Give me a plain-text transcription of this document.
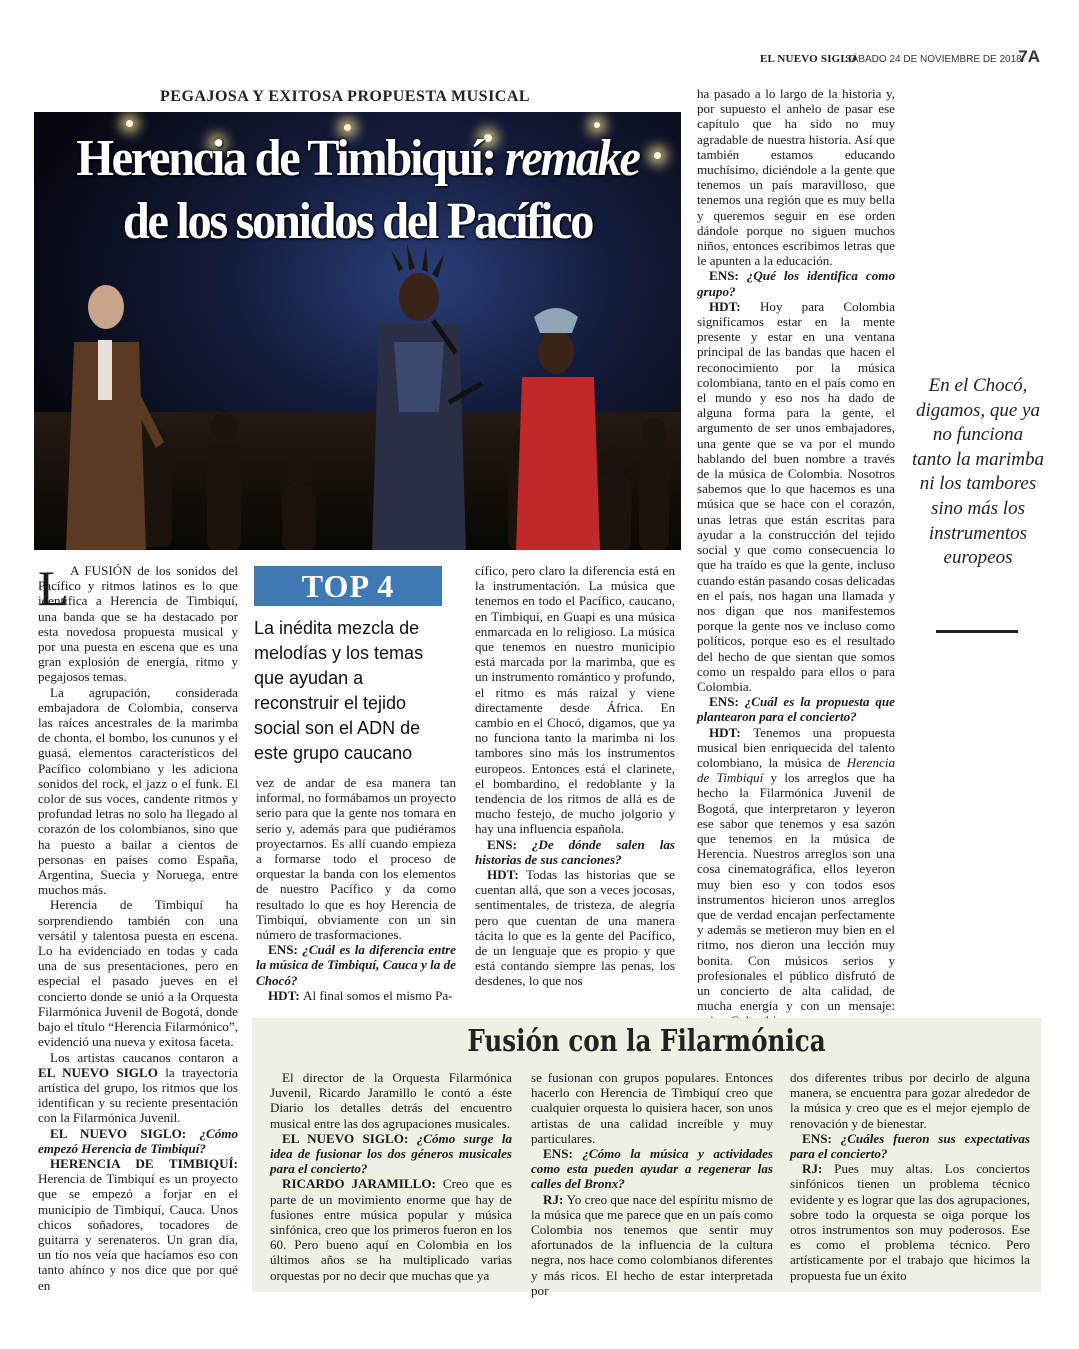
EL NUEVO SIGLO
SÁBADO 24 DE NOVIEMBRE DE 2018
7A
PEGAJOSA Y EXITOSA PROPUESTA MUSICAL
Herencia de Timbiquí: remake
de los sonidos del Pacífico
L A FUSIÓN de los sonidos del Pacífico y ritmos latinos es lo que identifica a Herencia de Timbiquí, una banda que se ha destacado por esta novedosa propuesta musical y por una puesta en escena que es una gran explosión de energía, ritmo y pegajosos temas.

La agrupación, considerada embajadora de Colombia, conserva las raíces ancestrales de la marimba de chonta, el bombo, los cununos y el guasá, elementos característicos del Pacífico colombiano y les adiciona sonidos del rock, el jazz o el funk. El color de sus voces, candente ritmos y profundad letras no solo ha llegado al corazón de los colombianos, sino que ha puesto a bailar a cientos de personas en países como España, Argentina, Suecia y Noruega, entre muchos más.

Herencia de Timbiquí ha sorprendiendo también con una versátil y talentosa puesta en escena. Lo ha evidenciado en todas y cada una de sus presentaciones, pero en especial el pasado jueves en el concierto donde se unió a la Orquesta Filarmónica Juvenil de Bogotá, donde bajo el título “Herencia Filarmónico”, evidenció una nueva y exitosa faceta.

Los artistas caucanos contaron a EL NUEVO SIGLO la trayectoria artística del grupo, los ritmos que los identifican y su reciente presentación con la Filarmónica Juvenil.

EL NUEVO SIGLO: ¿Cómo empezó Herencia de Timbiquí?

HERENCIA DE TIMBIQUÍ: Herencia de Timbiquí es un proyecto que se empezó a forjar en el municipio de Timbiquí, Cauca. Unos chicos soñadores, tocadores de guitarra y serenateros. Un gran día, un tío nos veía que hacíamos eso con tanto ahínco y nos dice que por qué en

TOP 4
La inédita mezcla de melodías y los temas que ayudan a reconstruir el tejido social son el ADN de este grupo caucano

vez de andar de esa manera tan informal, no formábamos un proyecto serio para que la gente nos tomara en serio y, además para que pudiéramos proyectarnos. Es allí cuando empieza a formarse todo el proceso de orquestar la banda con los elementos de nuestro Pacífico y da como resultado lo que es hoy Herencia de Timbiquí, obviamente con un sin número de trasformaciones.

ENS: ¿Cuál es la diferencia entre la música de Timbiquí, Cauca y la de Chocó?

HDT: Al final somos el mismo Pa-

cífico, pero claro la diferencia está en la instrumentación. La música que tenemos en todo el Pacífico, caucano, en Timbiquí, en Guapi es una música enmarcada en lo religioso. La música que tenemos en nuestro municipio está marcada por la marimba, que es un instrumento romántico y profundo, el ritmo es más raizal y viene directamente desde África. En cambio en el Chocó, digamos, que ya no funciona tanto la marimba ni los tambores sino más los instrumentos europeos. Entonces está el clarinete, el bombardino, el redoblante y la tendencia de los ritmos de allá es de mucho festejo, de mucho jolgorio y hay una influencia española.

ENS: ¿De dónde salen las historias de sus canciones?

HDT: Todas las historias que se cuentan allá, que son a veces jocosas, sentimentales, de tristeza, de alegría pero que cuentan de una manera tácita lo que es la gente del Pacífico, de un lenguaje que es propio y que está contando siempre las penas, los desdenes, lo que nos

ha pasado a lo largo de la historia y, por supuesto el anhelo de pasar ese capítulo que ha sido no muy agradable de nuestra historia. Así que también estamos educando muchísimo, diciéndole a la gente que tenemos un país maravilloso, que tenemos una región que es muy bella y queremos seguir en ese orden dándole porque no siguen muchos niños, entonces escribimos letras que le apunten a la educación.

ENS: ¿Qué los identifica como grupo?

HDT: Hoy para Colombia significamos estar en la mente presente y estar en una ventana principal de las bandas que hacen el reconocimiento por la música colombiana, tanto en el país como en el mundo y eso nos ha dado de alguna forma para la gente, el argumento de ser unos embajadores, una gente que se va por el mundo hablando del buen nombre a través de la música de Colombia. Nosotros sabemos que lo que hacemos es una música que se hace con el corazón, unas letras que están escritas para ayudar a la construcción del tejido social y que como consecuencia lo que ha traído es que la gente, incluso cuando están pasando cosas delicadas en el país, nos hagan una llamada y nos digan que nos manifestemos porque la gente nos ve incluso como políticos, porque eso es el resultado del hecho de que sientan que somos como un respaldo para ellos o para Colombia.

ENS: ¿Cuál es la propuesta que plantearon para el concierto?

HDT: Tenemos una propuesta musical bien enriquecida del talento colombiano, la música de Herencia de Timbiquí y los arreglos que ha hecho la Filarmónica Juvenil de Bogotá, que interpretaron y leyeron ese sabor que tenemos y esa sazón que tenemos en la música de Herencia. Nuestros arreglos son una cosa cinematográfica, ellos leyeron muy bien eso y con todos esos instrumentos hicieron unos arreglos que de verdad encajan perfectamente y además se metieron muy bien en el ritmo, nos dieron una lección muy bonita. Con músicos serios y profesionales el público disfrutó de un concierto de alta calidad, de mucha energía y con un mensaje:

En el Chocó, digamos, que ya no funciona tanto la marimba ni los tambores sino más los instrumentos europeos
Fusión con la Filarmónica

El director de la Orquesta Filarmónica Juvenil, Ricardo Jaramillo le contó a éste Diario los detalles detrás del encuentro musical entre las dos agrupaciones musicales.

EL NUEVO SIGLO: ¿Cómo surge la idea de fusionar los dos géneros musicales para el concierto?

RICARDO JARAMILLO: Creo que es parte de un movimiento enorme que hay de fusiones entre música popular y música sinfónica, creo que los primeros fueron en los 60. Pero bueno aquí en Colombia en los últimos años se ha multiplicado varias orquestas por no decir que muchas que ya

se fusionan con grupos populares. Entonces hacerlo con Herencia de Timbiquí creo que cualquier orquesta lo quisiera hacer, son unos artistas de una calidad increíble y muy particulares.

ENS: ¿Cómo la música y actividades como esta pueden ayudar a regenerar las calles del Bronx?

RJ: Yo creo que nace del espíritu mismo de la música que me parece que en un país como Colombia nos tenemos que sentir muy afortunados de la influencia de la cultura negra, nos hace como colombianos diferentes y más ricos. El hecho de estar interpretada por

dos diferentes tribus por decirlo de alguna manera, se encuentra para gozar alrededor de la música y creo que es el mejor ejemplo de renovación y de bienestar.

ENS: ¿Cuáles fueron sus expectativas para el concierto?

RJ: Pues muy altas. Los conciertos sinfónicos tienen un problema técnico evidente y es lograr que las dos agrupaciones, sobre todo la orquesta se oiga porque los otros instrumentos son muy poderosos. Ese es como el problema técnico. Pero artísticamente por el trabajo que hicimos la propuesta fue un éxito
